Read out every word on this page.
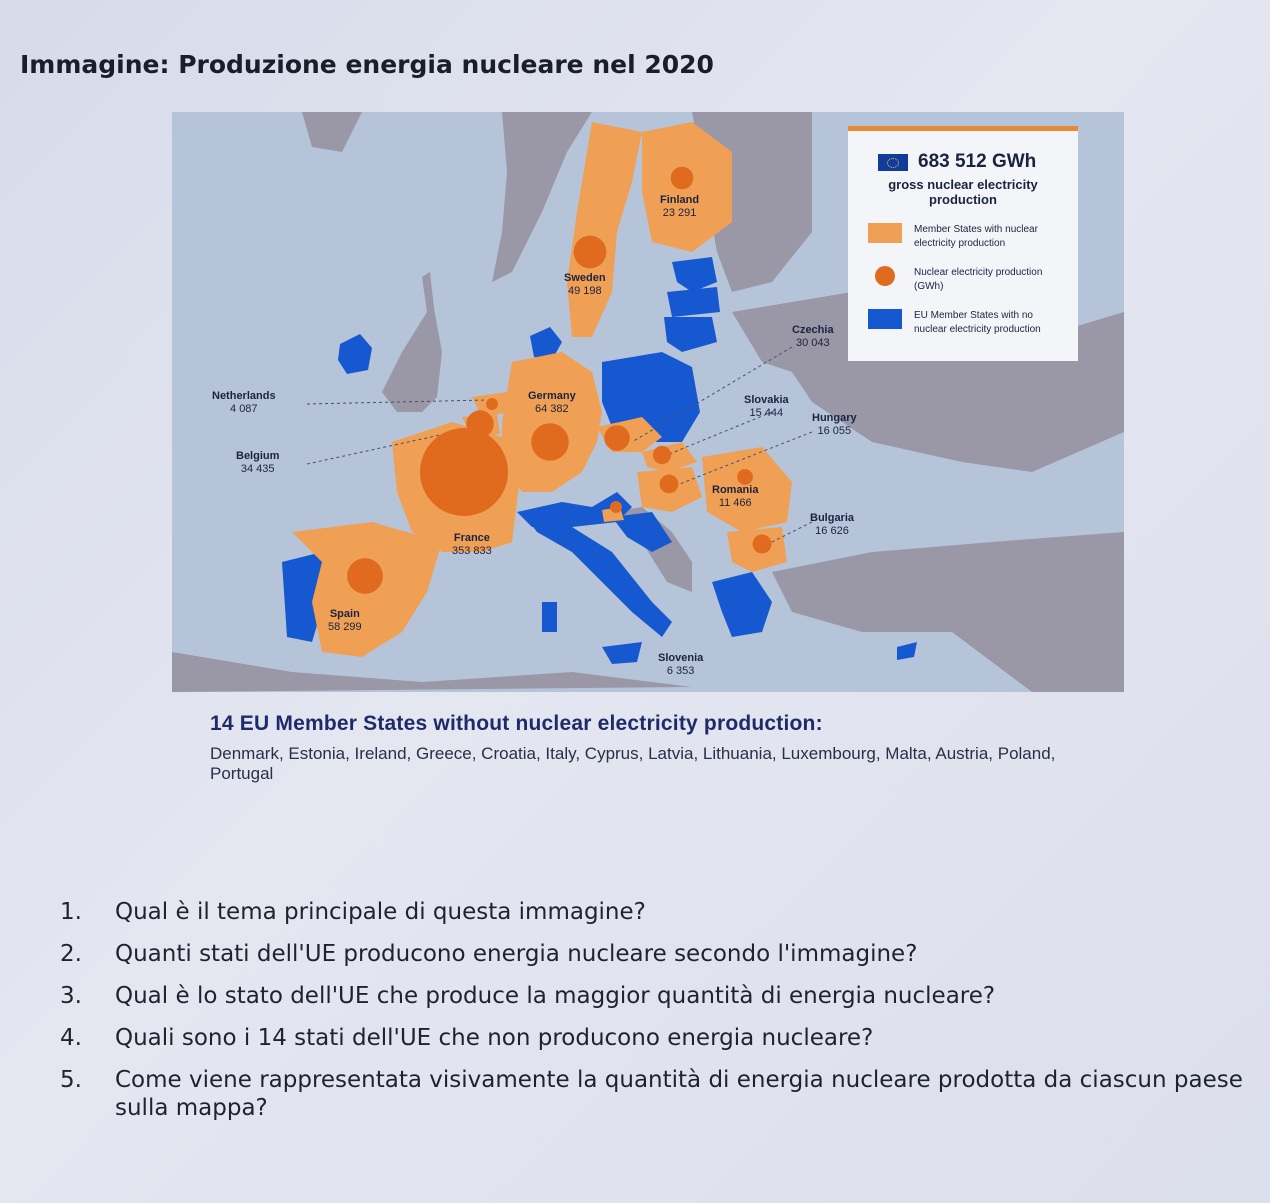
Immagine: Produzione energia nucleare nel 2020
683 512 GWh
gross nuclear electricity production
Member States with nuclear electricity production
Nuclear electricity production (GWh)
EU Member States with no nuclear electricity production
Finland
23 291
Sweden
49 198
Netherlands
4 087
Belgium
34 435
Germany
64 382
Czechia
30 043
Slovakia
15 444	Hungary
16 055
Romania
11 466
Bulgaria
16 626
France
353 833
Spain
58 299
Slovenia
6 353
14 EU Member States without nuclear electricity production:
Denmark, Estonia, Ireland, Greece, Croatia, Italy, Cyprus, Latvia, Lithuania, Luxembourg, Malta, Austria, Poland, Portugal
1.	Qual è il tema principale di questa immagine?
2.	Quanti stati dell'UE producono energia nucleare secondo l'immagine?
3.	Qual è lo stato dell'UE che produce la maggior quantità di energia nucleare?
4.	Quali sono i 14 stati dell'UE che non producono energia nucleare?
5.	Come viene rappresentata visivamente la quantità di energia nucleare prodotta da ciascun paese sulla mappa?
